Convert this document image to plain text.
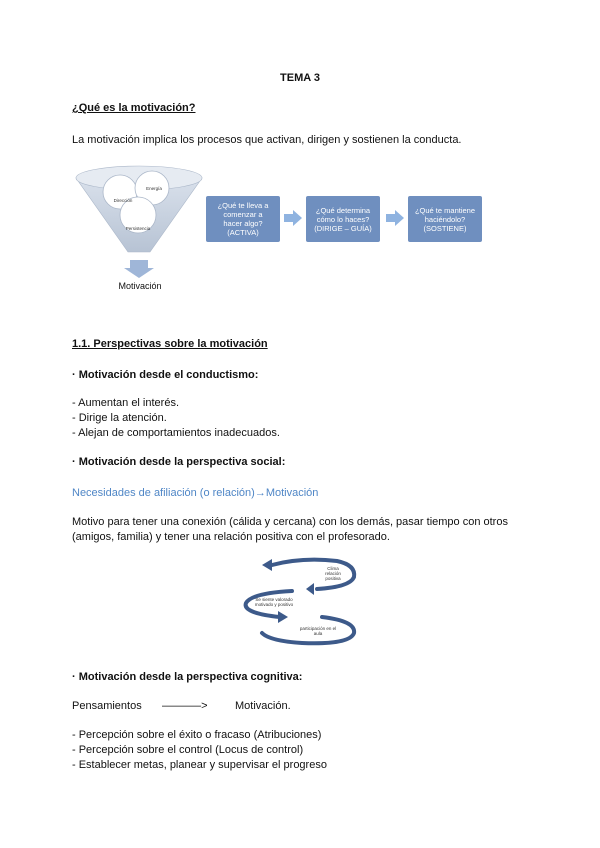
TEMA 3
¿Qué es la motivación?
La motivación implica los procesos que activan, dirigen y sostienen la conducta.
Dirección
Energía
Persistencia
Motivación
¿Qué te lleva a
comenzar a
hacer algo?
(ACTIVA)
¿Qué determina
cómo lo haces?
(DIRIGE – GUÍA)
¿Qué te mantiene
haciéndolo?
(SOSTIENE)
1.1. Perspectivas sobre la motivación
· Motivación desde el conductismo:
- Aumentan el interés.
- Dirige la atención.
- Alejan de comportamientos inadecuados.
· Motivación desde la perspectiva social:
Necesidades de afiliación (o relación)→Motivación
Motivo para tener una conexión (cálida y cercana) con los demás, pasar tiempo con otros
(amigos, familia) y tener una relación positiva con el profesorado.
Clima
relación
positiva
Se siente valorado
motivado y positivo
participación en el
aula
· Motivación desde la perspectiva cognitiva:
Pensamientos ———–> Motivación.
- Percepción sobre el éxito o fracaso (Atribuciones)
- Percepción sobre el control (Locus de control)
- Establecer metas, planear y supervisar el progreso
